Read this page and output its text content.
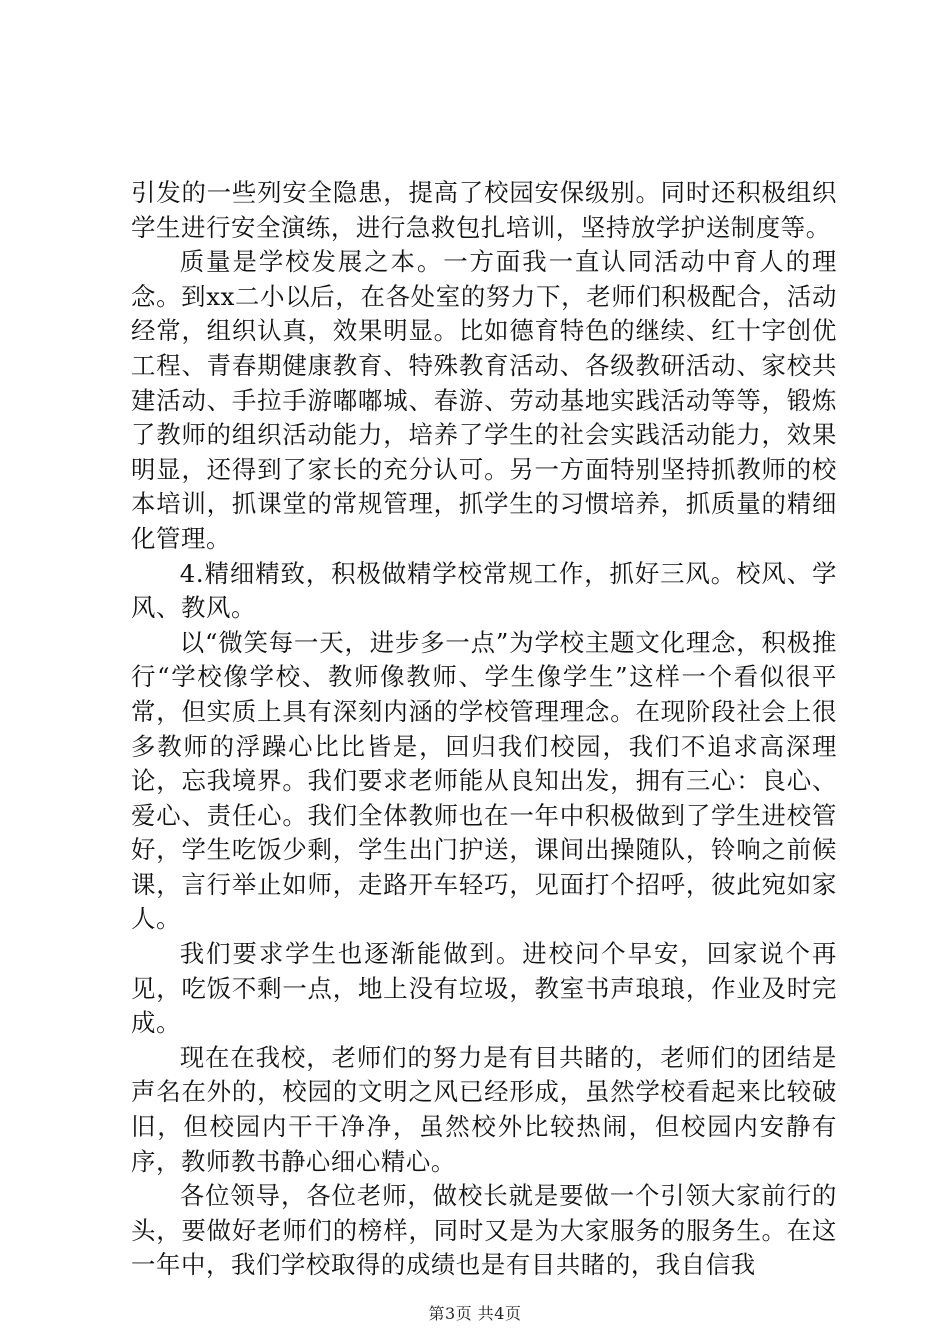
引发的一些列安全隐患，提高了校园安保级别。同时还积极组织学生进行安全演练，进行急救包扎培训，坚持放学护送制度等。

质量是学校发展之本。一方面我一直认同活动中育人的理念。到xx二小以后，在各处室的努力下，老师们积极配合，活动经常，组织认真，效果明显。比如德育特色的继续、红十字创优工程、青春期健康教育、特殊教育活动、各级教研活动、家校共建活动、手拉手游嘟嘟城、春游、劳动基地实践活动等等，锻炼了教师的组织活动能力，培养了学生的社会实践活动能力，效果明显，还得到了家长的充分认可。另一方面特别坚持抓教师的校本培训，抓课堂的常规管理，抓学生的习惯培养，抓质量的精细化管理。

4.精细精致，积极做精学校常规工作，抓好三风。校风、学风、教风。

以“微笑每一天，进步多一点”为学校主题文化理念，积极推行“学校像学校、教师像教师、学生像学生”这样一个看似很平常，但实质上具有深刻内涵的学校管理理念。在现阶段社会上很多教师的浮躁心比比皆是，回归我们校园，我们不追求高深理论，忘我境界。我们要求老师能从良知出发，拥有三心：良心、爱心、责任心。我们全体教师也在一年中积极做到了学生进校管好，学生吃饭少剩，学生出门护送，课间出操随队，铃响之前候课，言行举止如师，走路开车轻巧，见面打个招呼，彼此宛如家人。

我们要求学生也逐渐能做到。进校问个早安，回家说个再见，吃饭不剩一点，地上没有垃圾，教室书声琅琅，作业及时完成。

现在在我校，老师们的努力是有目共睹的，老师们的团结是声名在外的，校园的文明之风已经形成，虽然学校看起来比较破旧，但校园内干干净净，虽然校外比较热闹，但校园内安静有序，教师教书静心细心精心。

各位领导，各位老师，做校长就是要做一个引领大家前行的头，要做好老师们的榜样，同时又是为大家服务的服务生。在这一年中，我们学校取得的成绩也是有目共睹的，我自信我

第3页 共4页
